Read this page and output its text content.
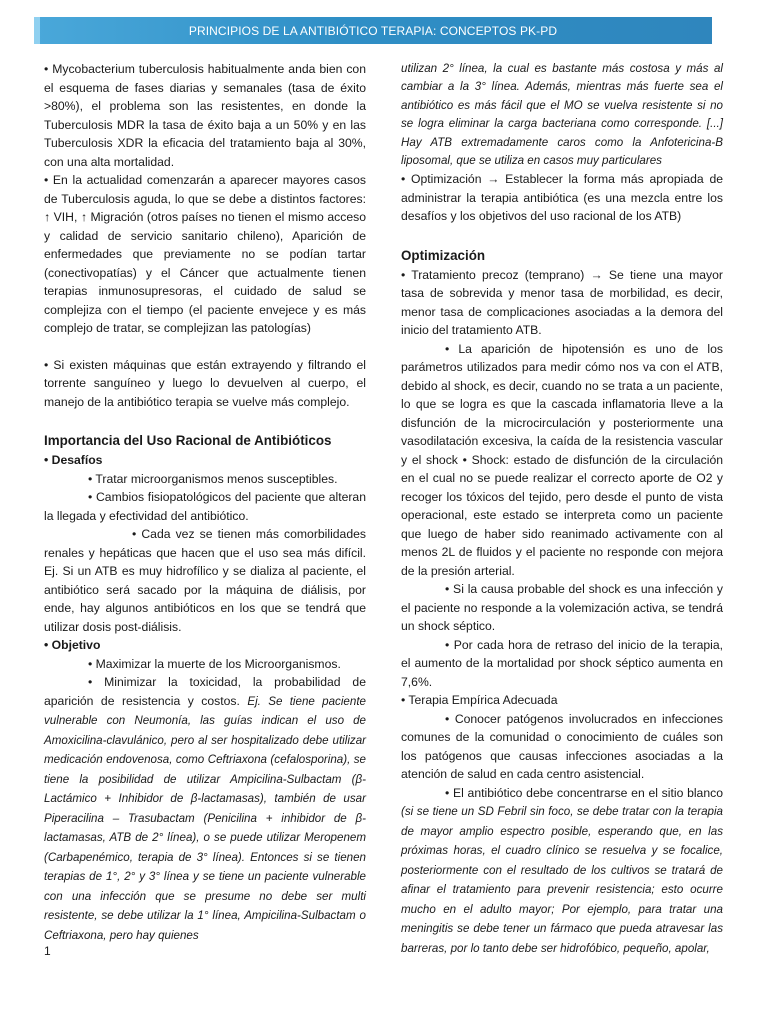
PRINCIPIOS DE LA ANTIBIÓTICO TERAPIA: CONCEPTOS PK-PD

• Mycobacterium tuberculosis habitualmente anda bien con el esquema de fases diarias y semanales (tasa de éxito >80%), el problema son las resistentes, en donde la Tuberculosis MDR la tasa de éxito baja a un 50% y en las Tuberculosis XDR la eficacia del tratamiento baja al 30%, con una alta mortalidad.

• En la actualidad comenzarán a aparecer mayores casos de Tuberculosis aguda, lo que se debe a distintos factores: ↑ VIH, ↑ Migración (otros países no tienen el mismo acceso y calidad de servicio sanitario chileno), Aparición de enfermedades que previamente no se podían tartar (conectivopatías) y el Cáncer que actualmente tienen terapias inmunosupresoras, el cuidado de salud se complejiza con el tiempo (el paciente envejece y es más complejo de tratar, se complejizan las patologías)

• Si existen máquinas que están extrayendo y filtrando el torrente sanguíneo y luego lo devuelven al cuerpo, el manejo de la antibiótico terapia se vuelve más complejo.

Importancia del Uso Racional de Antibióticos

• Desafíos

• Tratar microorganismos menos susceptibles.

• Cambios fisiopatológicos del paciente que alteran la llegada y efectividad del antibiótico.

• Cada vez se tienen más comorbilidades renales y hepáticas que hacen que el uso sea más difícil. Ej. Si un ATB es muy hidrofílico y se dializa al paciente, el antibiótico será sacado por la máquina de diálisis, por ende, hay algunos antibióticos en los que se tendrá que utilizar dosis post-diálisis.

• Objetivo

• Maximizar la muerte de los Microorganismos.

• Minimizar la toxicidad, la probabilidad de aparición de resistencia y costos. Ej. Se tiene paciente vulnerable con Neumonía, las guías indican el uso de Amoxicilina-clavulánico, pero al ser hospitalizado debe utilizar medicación endovenosa, como Ceftriaxona (cefalosporina), se tiene la posibilidad de utilizar Ampicilina-Sulbactam (β-Lactámico + Inhibidor de β-lactamasas), también de usar Piperacilina – Trasubactam (Penicilina + inhibidor de β-lactamasas, ATB de 2° línea), o se puede utilizar Meropenem (Carbapenémico, terapia de 3° línea). Entonces si se tienen terapias de 1°, 2° y 3° línea y se tiene un paciente vulnerable con una infección que se presume no debe ser multi resistente, se debe utilizar la 1° línea, Ampicilina-Sulbactam o Ceftriaxona, pero hay quienes

utilizan 2° línea, la cual es bastante más costosa y más al cambiar a la 3° línea. Además, mientras más fuerte sea el antibiótico es más fácil que el MO se vuelva resistente si no se logra eliminar la carga bacteriana como corresponde. [...] Hay ATB extremadamente caros como la Anfotericina-B liposomal, que se utiliza en casos muy particulares

• Optimización → Establecer la forma más apropiada de administrar la terapia antibiótica (es una mezcla entre los desafíos y los objetivos del uso racional de los ATB)

Optimización

• Tratamiento precoz (temprano) → Se tiene una mayor tasa de sobrevida y menor tasa de morbilidad, es decir, menor tasa de complicaciones asociadas a la demora del inicio del tratamiento ATB.

• La aparición de hipotensión es uno de los parámetros utilizados para medir cómo nos va con el ATB, debido al shock, es decir, cuando no se trata a un paciente, lo que se logra es que la cascada inflamatoria lleve a la disfunción de la microcirculación y posteriormente una vasodilatación excesiva, la caída de la resistencia vascular y el shock • Shock: estado de disfunción de la circulación en el cual no se puede realizar el correcto aporte de O2 y recoger los tóxicos del tejido, pero desde el punto de vista operacional, este estado se interpreta como un paciente que luego de haber sido reanimado activamente con al menos 2L de fluidos y el paciente no responde con mejora de la presión arterial.

• Si la causa probable del shock es una infección y el paciente no responde a la volemización activa, se tendrá un shock séptico.

• Por cada hora de retraso del inicio de la terapia, el aumento de la mortalidad por shock séptico aumenta en 7,6%.

• Terapia Empírica Adecuada

• Conocer patógenos involucrados en infecciones comunes de la comunidad o conocimiento de cuáles son los patógenos que causas infecciones asociadas a la atención de salud en cada centro asistencial.

• El antibiótico debe concentrarse en el sitio blanco (si se tiene un SD Febril sin foco, se debe tratar con la terapia de mayor amplio espectro posible, esperando que, en las próximas horas, el cuadro clínico se resuelva y se focalice, posteriormente con el resultado de los cultivos se tratará de afinar el tratamiento para prevenir resistencia; esto ocurre mucho en el adulto mayor; Por ejemplo, para tratar una meningitis se debe tener un fármaco que pueda atravesar las barreras, por lo tanto debe ser hidrofóbico, pequeño, apolar,

1
